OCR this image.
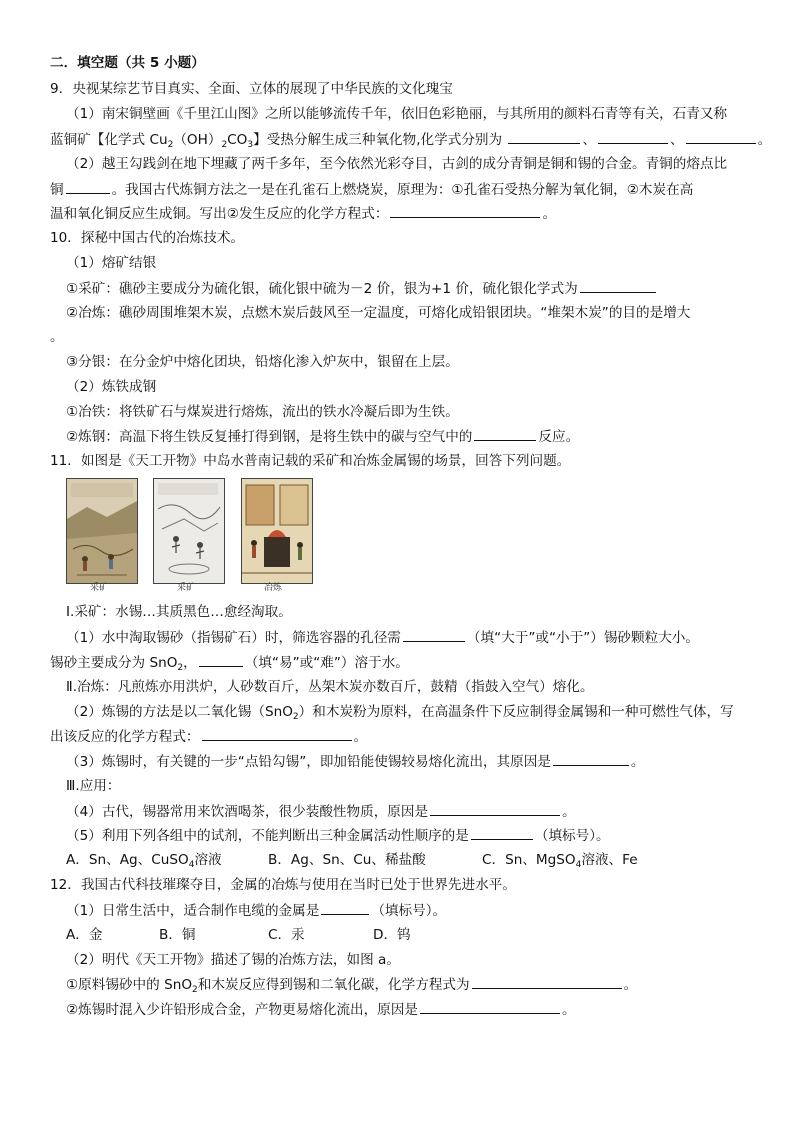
二．填空题（共 5 小题）
9．央视某综艺节目真实、全面、立体的展现了中华民族的文化瑰宝
（1）南宋铜壁画《千里江山图》之所以能够流传千年，依旧色彩艳丽，与其所用的颜料石青等有关，石青又称
蓝铜矿【化学式 $Cu_2(OH)_2CO_3$】受热分解生成三种氧化物,化学式分别为	、	、	。
（2）越王勾践剑在地下埋藏了两千多年，至今依然光彩夺目，古剑的成分青铜是铜和锡的合金。青铜的熔点比
铜	。我国古代炼铜方法之一是在孔雀石上燃烧炭，原理为：①孔雀石受热分解为氧化铜，②木炭在高
温和氧化铜反应生成铜。写出②发生反应的化学方程式：	。
10．探秘中国古代的冶炼技术。
（1）熔矿结银
①采矿：礁砂主要成分为硫化银，硫化银中硫为－2 价，银为+1 价，硫化银化学式为
②冶炼：礁砂周围堆架木炭，点燃木炭后鼓风至一定温度，可熔化成铅银团块。“堆架木炭”的目的是增大
。
③分银：在分金炉中熔化团块，铅熔化渗入炉灰中，银留在上层。
（2）炼铁成钢
①冶铁：将铁矿石与煤炭进行熔炼，流出的铁水冷凝后即为生铁。
②炼钢：高温下将生铁反复捶打得到钢，是将生铁中的碳与空气中的	反应。
11．如图是《天工开物》中岛水普南记载的采矿和冶炼金属锡的场景，回答下列问题。
采矿	采矿	冶炼
Ⅰ.采矿：水锡…其质黑色…愈经淘取。
（1）水中淘取锡砂（指锡矿石）时，筛选容器的孔径需	（填“大于”或“小于”）锡砂颗粒大小。
锡砂主要成分为 SnO$_2$，	（填“易”或“难”）溶于水。
Ⅱ.冶炼：凡煎炼亦用洪炉，人砂数百斤，丛架木炭亦数百斤，鼓精（指鼓入空气）熔化。
（2）炼锡的方法是以二氧化锡（SnO$_2$）和木炭粉为原料，在高温条件下反应制得金属锡和一种可燃性气体，写
出该反应的化学方程式：	。
（3）炼锡时，有关键的一步“点铅勾锡”，即加铅能使锡较易熔化流出，其原因是	。
Ⅲ.应用：
（4）古代，锡器常用来饮酒喝茶，很少装酸性物质，原因是	。
（5）利用下列各组中的试剂，不能判断出三种金属活动性顺序的是	（填标号）。
A．Sn、Ag、CuSO$_4$溶液	B．Ag、Sn、Cu、稀盐酸	C．Sn、MgSO$_4$溶液、Fe
12．我国古代科技璀璨夺目，金属的冶炼与使用在当时已处于世界先进水平。
（1）日常生活中，适合制作电缆的金属是	（填标号）。
A．金	B．铜	C．汞	D．钨
（2）明代《天工开物》描述了锡的冶炼方法，如图 a。
①原料锡砂中的 SnO$_2$和木炭反应得到锡和二氧化碳，化学方程式为	。
②炼锡时混入少许铅形成合金，产物更易熔化流出，原因是	。
